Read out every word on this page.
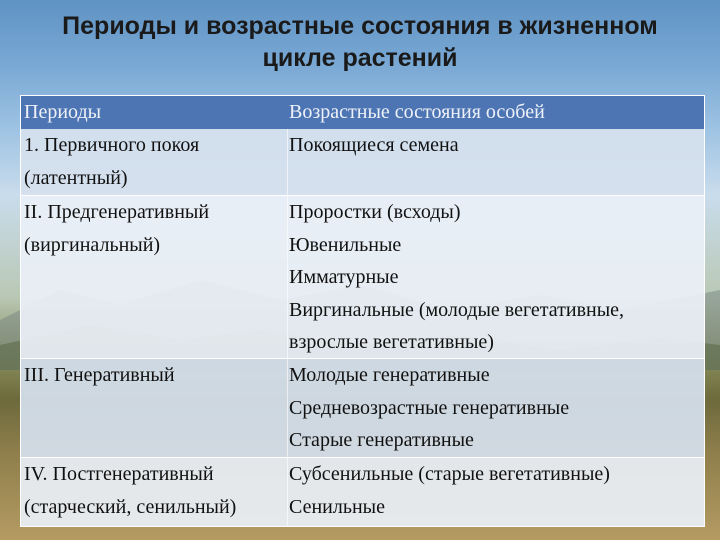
Периоды и возрастные состояния в жизненном
цикле растений
Периоды	Возрастные состояния особей
1. Первичного покоя
(латентный)
Покоящиеся семена
II. Предгенеративный
(виргинальный)
Проростки (всходы)
Ювенильные
Имматурные
Виргинальные (молодые вегетативные,
взрослые вегетативные)
III. Генеративный	Молодые генеративные
Средневозрастные генеративные
Старые генеративные
IV. Постгенеративный
(старческий, сенильный)
Субсенильные (старые вегетативные)
Сенильные
